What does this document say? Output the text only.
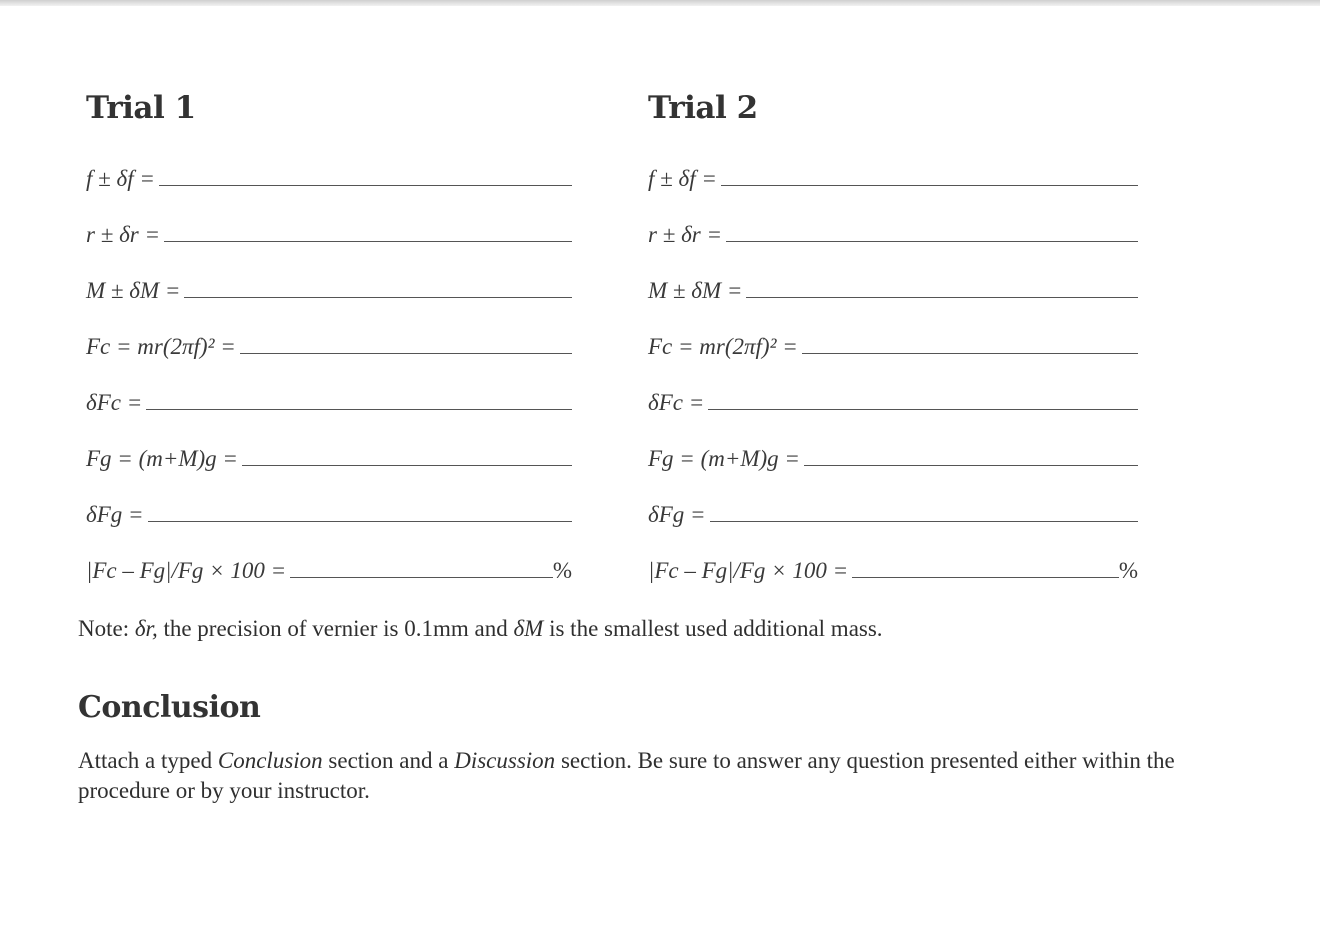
Trial 1
f ± δf =
r ± δr =
M ± δM =
Fc = mr(2πf)² =
δFc =
Fg = (m+M)g =
δFg =
|Fc – Fg|/Fg × 100 =	%
Trial 2
f ± δf =
r ± δr =
M ± δM =
Fc = mr(2πf)² =
δFc =
Fg = (m+M)g =
δFg =
|Fc – Fg|/Fg × 100 =	%
Note: δr, the precision of vernier is 0.1mm and δM is the smallest used additional mass.
Conclusion
Attach a typed Conclusion section and a Discussion section. Be sure to answer any question presented either within the procedure or by your instructor.
